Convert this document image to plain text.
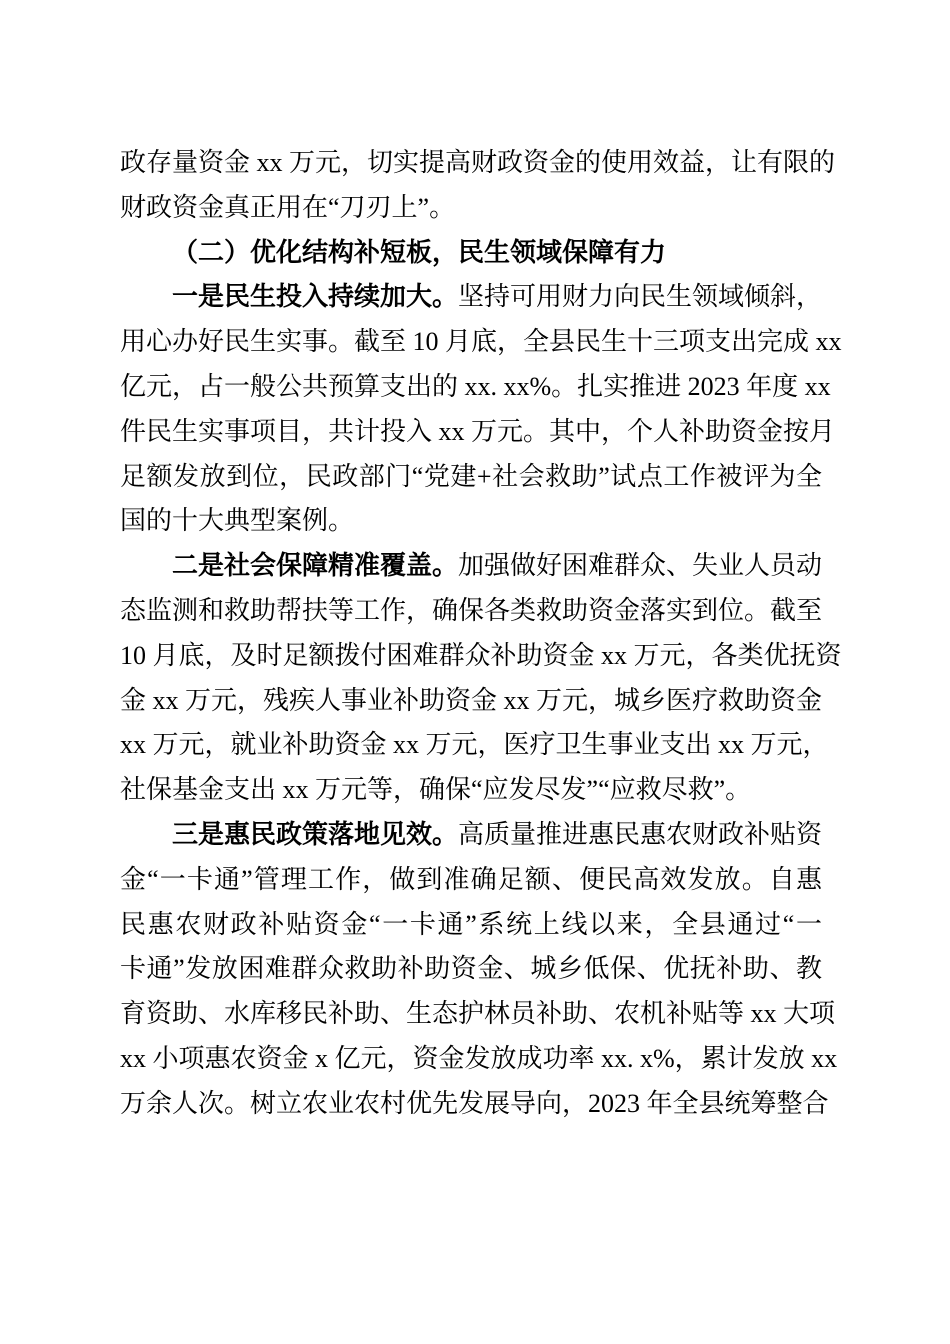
政存量资金 xx 万元，切实提高财政资金的使用效益，让有限的
财政资金真正用在“刀刃上”。
（二）优化结构补短板，民生领域保障有力
一是民生投入持续加大。坚持可用财力向民生领域倾斜，
用心办好民生实事。截至 10 月底，全县民生十三项支出完成 xx
亿元，占一般公共预算支出的 xx. xx%。扎实推进 2023 年度 xx
件民生实事项目，共计投入 xx 万元。其中，个人补助资金按月
足额发放到位，民政部门“党建+社会救助”试点工作被评为全
国的十大典型案例。
二是社会保障精准覆盖。加强做好困难群众、失业人员动
态监测和救助帮扶等工作，确保各类救助资金落实到位。截至
10 月底，及时足额拨付困难群众补助资金 xx 万元，各类优抚资
金 xx 万元，残疾人事业补助资金 xx 万元，城乡医疗救助资金
xx 万元，就业补助资金 xx 万元，医疗卫生事业支出 xx 万元，
社保基金支出 xx 万元等，确保“应发尽发”“应救尽救”。
三是惠民政策落地见效。高质量推进惠民惠农财政补贴资
金“一卡通”管理工作，做到准确足额、便民高效发放。自惠
民惠农财政补贴资金“一卡通”系统上线以来，全县通过“一
卡通”发放困难群众救助补助资金、城乡低保、优抚补助、教
育资助、水库移民补助、生态护林员补助、农机补贴等 xx 大项
xx 小项惠农资金 x 亿元，资金发放成功率 xx. x%，累计发放 xx
万余人次。树立农业农村优先发展导向，2023 年全县统筹整合
